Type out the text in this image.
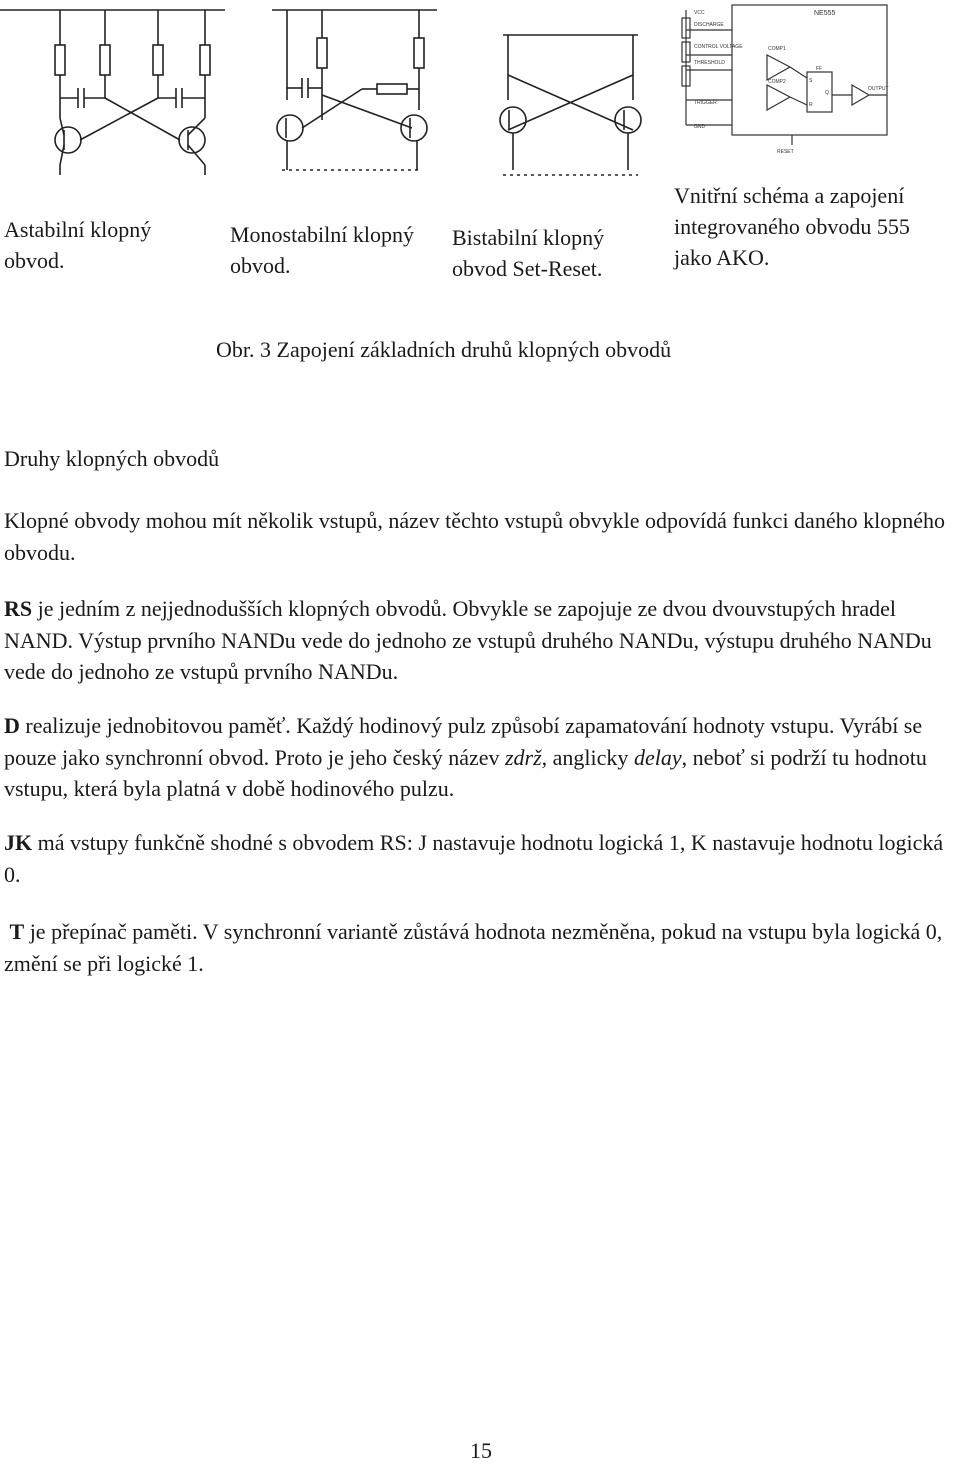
NE555
VCC
DISCHARGE
CONTROL VOLTAGE
THRESHOLD
TRIGGER
GND
COMP1
COMP2
FF
S
R
Q
OUTPUT
RESET
Astabilní klopný
obvod.
Monostabilní klopný
obvod.
Bistabilní klopný
obvod Set-Reset.
Vnitřní schéma a zapojení
integrovaného obvodu 555
jako AKO.
Obr. 3 Zapojení základních druhů klopných obvodů
Druhy klopných obvodů

Klopné obvody mohou mít několik vstupů, název těchto vstupů obvykle odpovídá funkci daného klopného obvodu.

RS je jedním z nejjednodušších klopných obvodů. Obvykle se zapojuje ze dvou dvouvstupých hradel NAND. Výstup prvního NANDu vede do jednoho ze vstupů druhého NANDu, výstupu druhého NANDu vede do jednoho ze vstupů prvního NANDu.

D realizuje jednobitovou paměť. Každý hodinový pulz způsobí zapamatování hodnoty vstupu. Vyrábí se pouze jako synchronní obvod. Proto je jeho český název zdrž, anglicky delay, neboť si podrží tu hodnotu vstupu, která byla platná v době hodinového pulzu.

JK má vstupy funkčně shodné s obvodem RS: J nastavuje hodnotu logická 1, K nastavuje hodnotu logická 0.

T je přepínač paměti. V synchronní variantě zůstává hodnota nezměněna, pokud na vstupu byla logická 0, změní se při logické 1.

15
